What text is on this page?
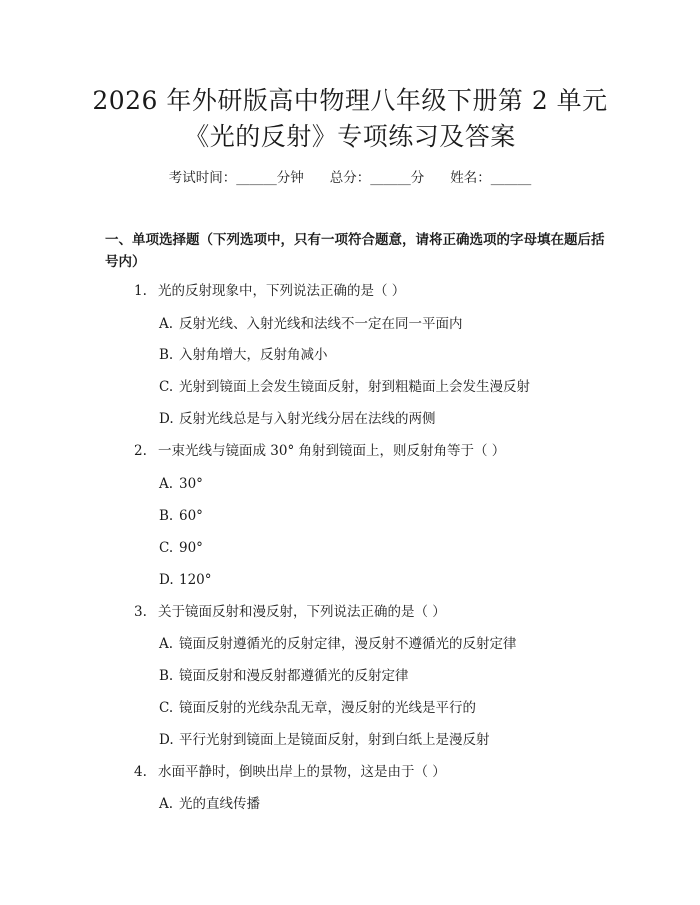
2026 年外研版高中物理八年级下册第 2 单元
《光的反射》专项练习及答案
考试时间：______分钟 总分：______分 姓名：______
一、单项选择题（下列选项中，只有一项符合题意，请将正确选项的字母填在题后括号内）
1. 光的反射现象中，下列说法正确的是（ ）
A. 反射光线、入射光线和法线不一定在同一平面内
B. 入射角增大，反射角减小
C. 光射到镜面上会发生镜面反射，射到粗糙面上会发生漫反射
D. 反射光线总是与入射光线分居在法线的两侧
2. 一束光线与镜面成 30° 角射到镜面上，则反射角等于（ ）
A. 30°
B. 60°
C. 90°
D. 120°
3. 关于镜面反射和漫反射，下列说法正确的是（ ）
A. 镜面反射遵循光的反射定律，漫反射不遵循光的反射定律
B. 镜面反射和漫反射都遵循光的反射定律
C. 镜面反射的光线杂乱无章，漫反射的光线是平行的
D. 平行光射到镜面上是镜面反射，射到白纸上是漫反射
4. 水面平静时，倒映出岸上的景物，这是由于（ ）
A. 光的直线传播
